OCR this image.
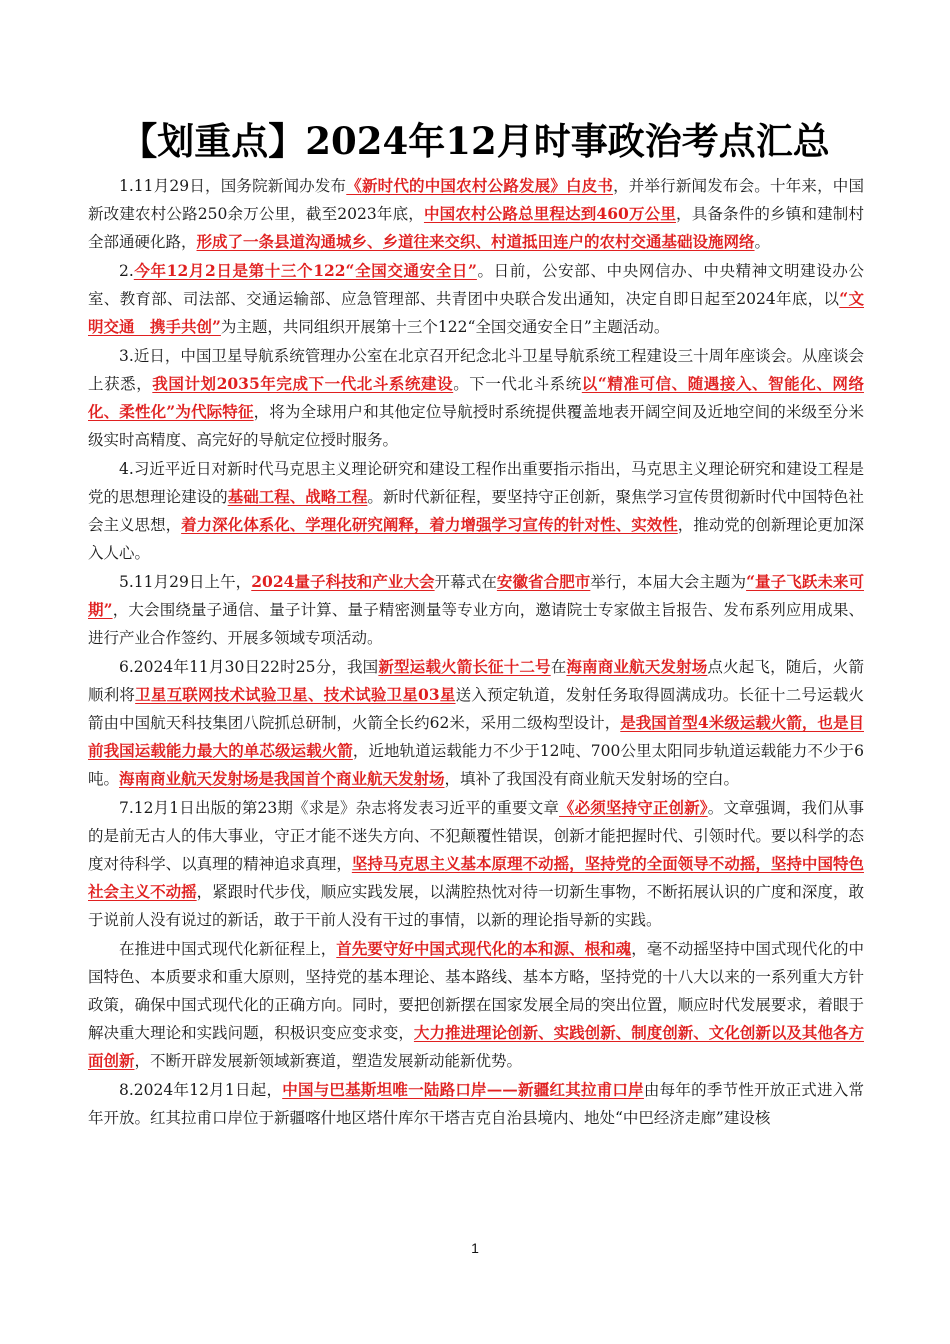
【划重点】2024年12月时事政治考点汇总

1.11月29日，国务院新闻办发布《新时代的中国农村公路发展》白皮书，并举行新闻发布会。十年来，中国新改建农村公路250余万公里，截至2023年底，中国农村公路总里程达到460万公里，具备条件的乡镇和建制村全部通硬化路，形成了一条县道沟通城乡、乡道往来交织、村道抵田连户的农村交通基础设施网络。

2.今年12月2日是第十三个122“全国交通安全日”。日前，公安部、中央网信办、中央精神文明建设办公室、教育部、司法部、交通运输部、应急管理部、共青团中央联合发出通知，决定自即日起至2024年底，以“文明交通　携手共创”为主题，共同组织开展第十三个122“全国交通安全日”主题活动。

3.近日，中国卫星导航系统管理办公室在北京召开纪念北斗卫星导航系统工程建设三十周年座谈会。从座谈会上获悉，我国计划2035年完成下一代北斗系统建设。下一代北斗系统以“精准可信、随遇接入、智能化、网络化、柔性化”为代际特征，将为全球用户和其他定位导航授时系统提供覆盖地表开阔空间及近地空间的米级至分米级实时高精度、高完好的导航定位授时服务。

4.习近平近日对新时代马克思主义理论研究和建设工程作出重要指示指出，马克思主义理论研究和建设工程是党的思想理论建设的基础工程、战略工程。新时代新征程，要坚持守正创新，聚焦学习宣传贯彻新时代中国特色社会主义思想，着力深化体系化、学理化研究阐释，着力增强学习宣传的针对性、实效性，推动党的创新理论更加深入人心。

5.11月29日上午，2024量子科技和产业大会开幕式在安徽省合肥市举行，本届大会主题为“量子飞跃未来可期”，大会围绕量子通信、量子计算、量子精密测量等专业方向，邀请院士专家做主旨报告、发布系列应用成果、进行产业合作签约、开展多领域专项活动。

6.2024年11月30日22时25分，我国新型运载火箭长征十二号在海南商业航天发射场点火起飞，随后，火箭顺利将卫星互联网技术试验卫星、技术试验卫星03星送入预定轨道，发射任务取得圆满成功。长征十二号运载火箭由中国航天科技集团八院抓总研制，火箭全长约62米，采用二级构型设计，是我国首型4米级运载火箭，也是目前我国运载能力最大的单芯级运载火箭，近地轨道运载能力不少于12吨、700公里太阳同步轨道运载能力不少于6吨。海南商业航天发射场是我国首个商业航天发射场，填补了我国没有商业航天发射场的空白。

7.12月1日出版的第23期《求是》杂志将发表习近平的重要文章《必须坚持守正创新》。文章强调，我们从事的是前无古人的伟大事业，守正才能不迷失方向、不犯颠覆性错误，创新才能把握时代、引领时代。要以科学的态度对待科学、以真理的精神追求真理，坚持马克思主义基本原理不动摇，坚持党的全面领导不动摇，坚持中国特色社会主义不动摇，紧跟时代步伐，顺应实践发展，以满腔热忱对待一切新生事物，不断拓展认识的广度和深度，敢于说前人没有说过的新话，敢于干前人没有干过的事情，以新的理论指导新的实践。

在推进中国式现代化新征程上，首先要守好中国式现代化的本和源、根和魂，毫不动摇坚持中国式现代化的中国特色、本质要求和重大原则，坚持党的基本理论、基本路线、基本方略，坚持党的十八大以来的一系列重大方针政策，确保中国式现代化的正确方向。同时，要把创新摆在国家发展全局的突出位置，顺应时代发展要求，着眼于解决重大理论和实践问题，积极识变应变求变，大力推进理论创新、实践创新、制度创新、文化创新以及其他各方面创新，不断开辟发展新领域新赛道，塑造发展新动能新优势。

8.2024年12月1日起，中国与巴基斯坦唯一陆路口岸——新疆红其拉甫口岸由每年的季节性开放正式进入常年开放。红其拉甫口岸位于新疆喀什地区塔什库尔干塔吉克自治县境内、地处“中巴经济走廊”建设核

1
